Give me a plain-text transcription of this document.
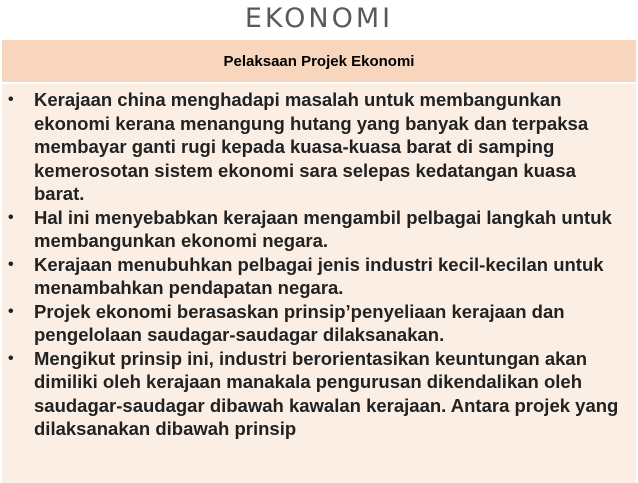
EKONOMI
Pelaksaan Projek Ekonomi
•	Kerajaan china menghadapi masalah untuk membangunkan ekonomi kerana menangung hutang yang banyak dan terpaksa membayar ganti rugi kepada kuasa-kuasa barat di samping kemerosotan sistem ekonomi sara selepas kedatangan kuasa barat.
•	Hal ini menyebabkan kerajaan mengambil pelbagai langkah untuk membangunkan ekonomi negara.
•	Kerajaan menubuhkan pelbagai jenis industri kecil-kecilan untuk menambahkan pendapatan negara.
•	Projek ekonomi berasaskan prinsip’penyeliaan kerajaan dan pengelolaan saudagar-saudagar dilaksanakan.
•	Mengikut prinsip ini, industri berorientasikan keuntungan akan dimiliki oleh kerajaan manakala pengurusan dikendalikan oleh saudagar-saudagar dibawah kawalan kerajaan. Antara projek yang dilaksanakan dibawah prinsip
